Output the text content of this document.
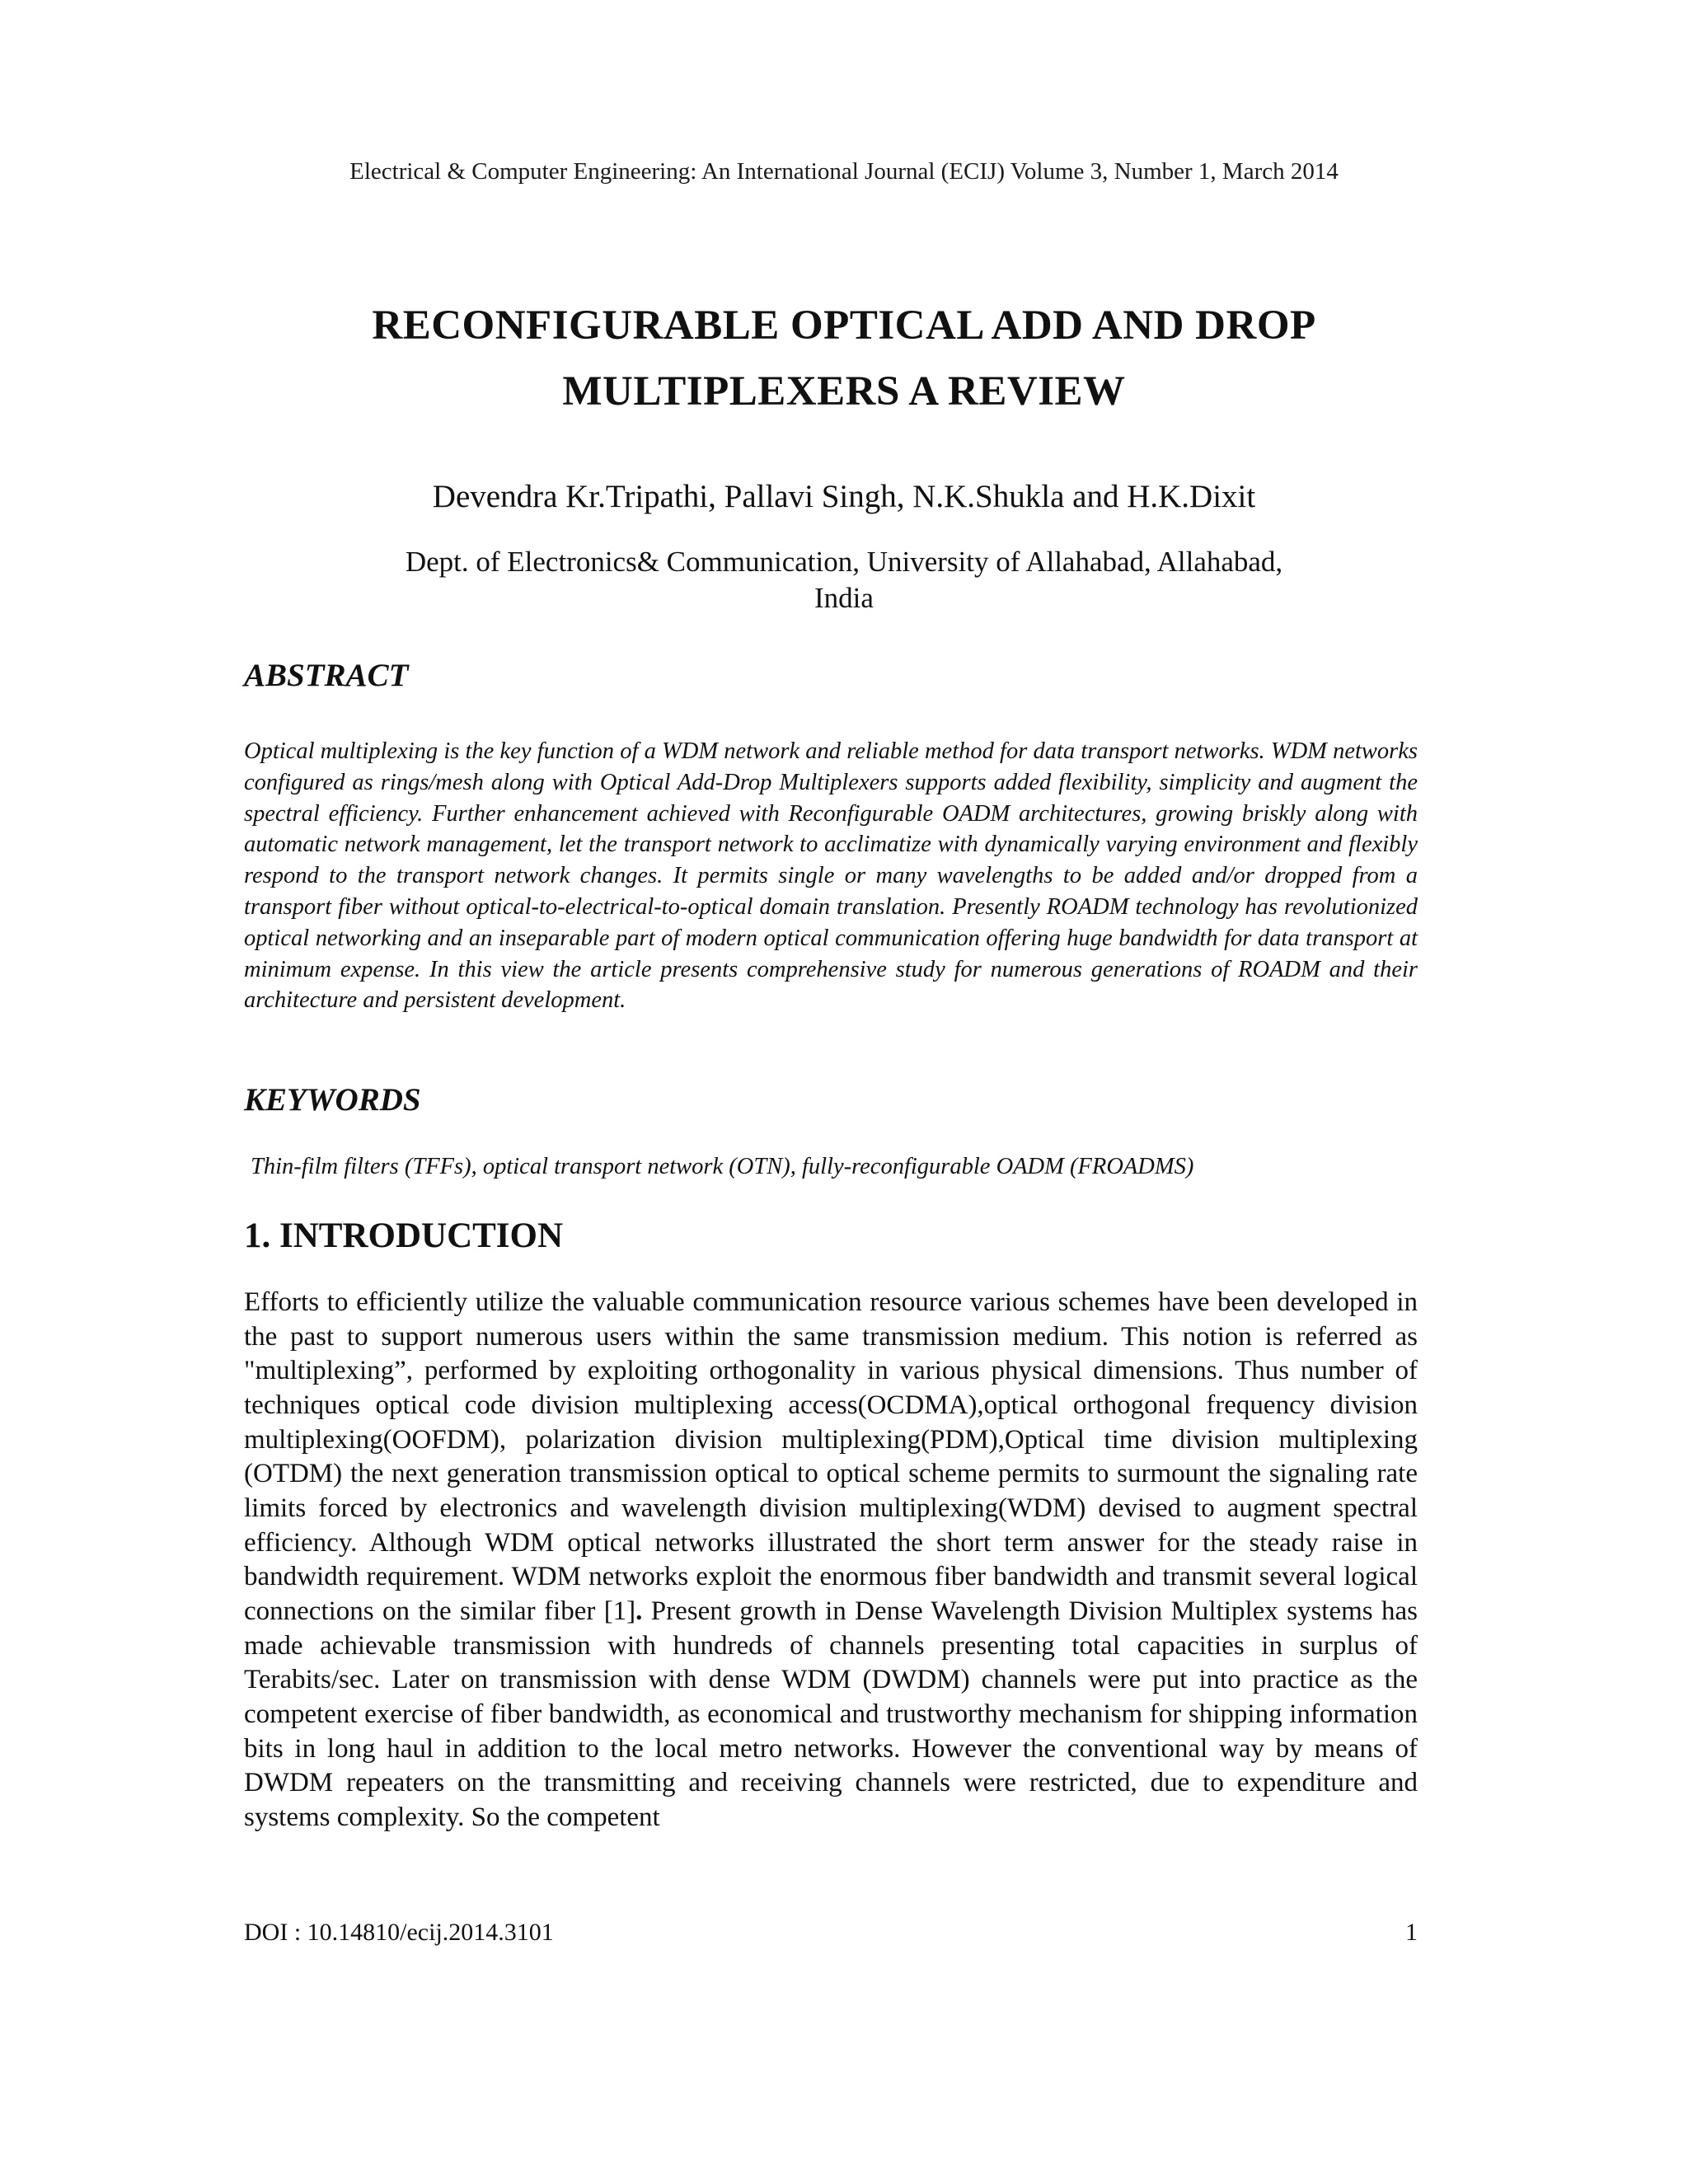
Electrical & Computer Engineering: An International Journal (ECIJ) Volume 3, Number 1, March 2014
RECONFIGURABLE OPTICAL ADD AND DROP
MULTIPLEXERS A REVIEW
Devendra Kr.Tripathi, Pallavi Singh, N.K.Shukla and H.K.Dixit
Dept. of Electronics& Communication, University of Allahabad, Allahabad,
India
ABSTRACT
Optical multiplexing is the key function of a WDM network and reliable method for data transport networks. WDM networks configured as rings/mesh along with Optical Add-Drop Multiplexers supports added flexibility, simplicity and augment the spectral efficiency. Further enhancement achieved with Reconfigurable OADM architectures, growing briskly along with automatic network management, let the transport network to acclimatize with dynamically varying environment and flexibly respond to the transport network changes. It permits single or many wavelengths to be added and/or dropped from a transport fiber without optical-to-electrical-to-optical domain translation. Presently ROADM technology has revolutionized optical networking and an inseparable part of modern optical communication offering huge bandwidth for data transport at minimum expense. In this view the article presents comprehensive study for numerous generations of ROADM and their architecture and persistent development.
KEYWORDS
Thin-film filters (TFFs), optical transport network (OTN), fully-reconfigurable OADM (FROADMS)
1. INTRODUCTION

Efforts to efficiently utilize the valuable communication resource various schemes have been developed in the past to support numerous users within the same transmission medium. This notion is referred as "multiplexing”, performed by exploiting orthogonality in various physical dimensions. Thus number of techniques optical code division multiplexing access(OCDMA),optical orthogonal frequency division multiplexing(OOFDM), polarization division multiplexing(PDM),Optical time division multiplexing (OTDM) the next generation transmission optical to optical scheme permits to surmount the signaling rate limits forced by electronics and wavelength division multiplexing(WDM) devised to augment spectral efficiency. Although WDM optical networks illustrated the short term answer for the steady raise in bandwidth requirement. WDM networks exploit the enormous fiber bandwidth and transmit several logical connections on the similar fiber [1]. Present growth in Dense Wavelength Division Multiplex systems has made achievable transmission with hundreds of channels presenting total capacities in surplus of Terabits/sec. Later on transmission with dense WDM (DWDM) channels were put into practice as the competent exercise of fiber bandwidth, as economical and trustworthy mechanism for shipping information bits in long haul in addition to the local metro networks. However the conventional way by means of DWDM repeaters on the transmitting and receiving channels were restricted, due to expenditure and systems complexity. So the competent

DOI : 10.14810/ecij.2014.3101	1
